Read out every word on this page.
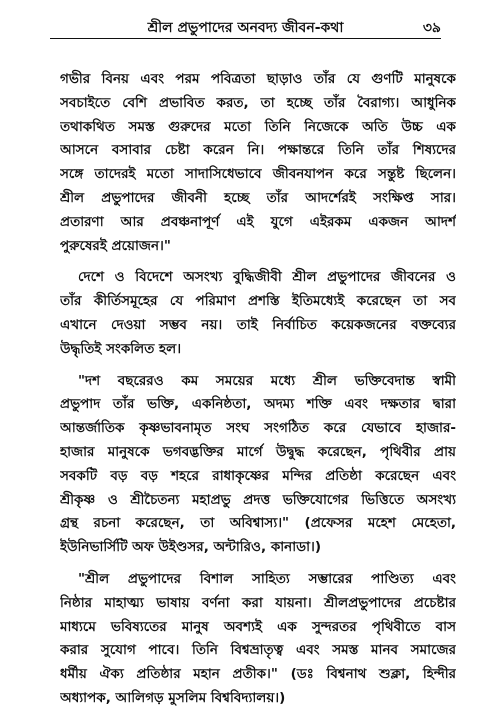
শ্রীল প্রভুপাদের অনবদ্য জীবন-কথা	৩৯
গভীর বিনয় এবং পরম পবিত্রতা ছাড়াও তাঁর যে গুণটি মানুষকে
সবচাইতে বেশি প্রভাবিত করত, তা হচ্ছে তাঁর বৈরাগ্য। আধুনিক
তথাকথিত সমস্ত গুরুদের মতো তিনি নিজেকে অতি উচ্চ এক
আসনে বসাবার চেষ্টা করেন নি। পক্ষান্তরে তিনি তাঁর শিষ্যদের
সঙ্গে তাদেরই মতো সাদাসিধেভাবে জীবনযাপন করে সন্তুষ্ট ছিলেন।
শ্রীল প্রভুপাদের জীবনী হচ্ছে তাঁর আদর্শেরই সংক্ষিপ্ত সার।
প্রতারণা আর প্রবঞ্চনাপূর্ণ এই যুগে এইরকম একজন আদর্শ
পুরুষেরই প্রয়োজন।"
দেশে ও বিদেশে অসংখ্য বুদ্ধিজীবী শ্রীল প্রভুপাদের জীবনের ও
তাঁর কীর্তিসমূহের যে পরিমাণ প্রশস্তি ইতিমধ্যেই করেছেন তা সব
এখানে দেওয়া সম্ভব নয়। তাই নির্বাচিত কয়েকজনের বক্তব্যের
উদ্ধৃতিই সংকলিত হল।
"দশ বছরেরও কম সময়ের মধ্যে শ্রীল ভক্তিবেদান্ত স্বামী
প্রভুপাদ তাঁর ভক্তি, একনিষ্ঠতা, অদম্য শক্তি এবং দক্ষতার দ্বারা
আন্তর্জাতিক কৃষ্ণভাবনামৃত সংঘ সংগঠিত করে যেভাবে হাজার-
হাজার মানুষকে ভগবদ্ভক্তির মার্গে উদ্বুদ্ধ করেছেন, পৃথিবীর প্রায়
সবকটি বড় বড় শহরে রাধাকৃষ্ণের মন্দির প্রতিষ্ঠা করেছেন এবং
শ্রীকৃষ্ণ ও শ্রীচৈতন্য মহাপ্রভু প্রদত্ত ভক্তিযোগের ভিত্তিতে অসংখ্য
গ্রন্থ রচনা করেছেন, তা অবিশ্বাস্য।" (প্রফেসর মহেশ মেহেতা,
ইউনিভার্সিটি অফ উইণ্ডসর, অন্টারিও, কানাডা।)
"শ্রীল প্রভুপাদের বিশাল সাহিত্য সম্ভারের পাণ্ডিত্য এবং
নিষ্ঠার মাহাত্ম্য ভাষায় বর্ণনা করা যায়না। শ্রীলপ্রভুপাদের প্রচেষ্টার
মাধ্যমে ভবিষ্যতের মানুষ অবশ্যই এক সুন্দরতর পৃথিবীতে বাস
করার সুযোগ পাবে। তিনি বিশ্বভ্রাতৃত্ব এবং সমস্ত মানব সমাজের
ধর্মীয় ঐক্য প্রতিষ্ঠার মহান প্রতীক।" (ডঃ বিশ্বনাথ শুক্লা, হিন্দীর
অধ্যাপক, আলিগড় মুসলিম বিশ্ববিদ্যালয়।)
